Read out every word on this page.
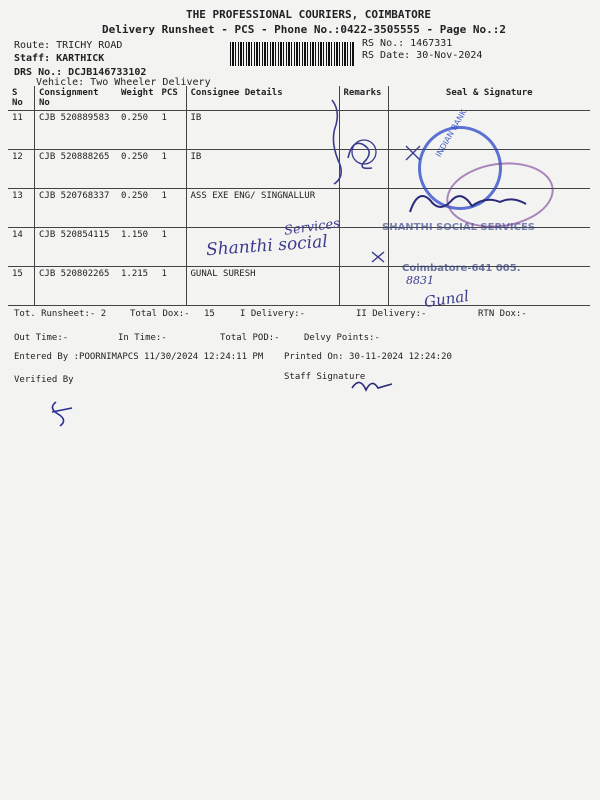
THE PROFESSIONAL COURIERS, COIMBATORE
Delivery Runsheet - PCS - Phone No.:0422-3505555 - Page No.:2
RS No.: 1467331
RS Date: 30-Nov-2024
Route: TRICHY ROAD
Staff: KARTHICK
DRS No.: DCJB146733102
Vehicle: Two Wheeler Delivery
S No	Consignment No	Weight	PCS	Consignee Details	Remarks	Seal & Signature
11	CJB 520889583	0.250	1	IB		
12	CJB 520888265	0.250	1	IB		
13	CJB 520768337	0.250	1	ASS EXE ENG/ SINGNALLUR		
14	CJB 520854115	1.150	1			
15	CJB 520802265	1.215	1	GUNAL SURESH		
Tot. Runsheet:- 2	Total Dox:- 15	I Delivery:-	II Delivery:-	RTN Dox:-
Out Time:-	In Time:-	Total POD:-	Delvy Points:-
Entered By :POORNIMAPCS 11/30/2024 12:24:11 PM Printed On: 30-11-2024 12:24:20
Verified By	Staff Signature
INDIAN BANK
SHANTHI SOCIAL SERVICES
Coimbatore-641 005.
Services
Shanthi social
8831
Gunal
